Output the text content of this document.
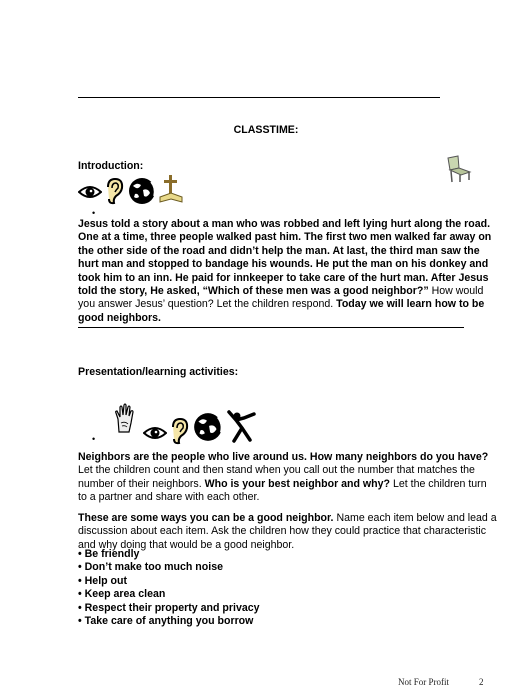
CLASSTIME:
Introduction:
•

Jesus told a story about a man who was robbed and left lying hurt along the road. One at a time, three people walked past him. The first two men walked far away on the other side of the road and didn’t help the man. At last, the third man saw the hurt man and stopped to bandage his wounds. He put the man on his donkey and took him to an inn. He paid for innkeeper to take care of the hurt man. After Jesus told the story, He asked, “Which of these men was a good neighbor?” How would you answer Jesus’ question? Let the children respond. Today we will learn how to be good neighbors.

Presentation/learning activities:
•

Neighbors are the people who live around us. How many neighbors do you have? Let the children count and then stand when you call out the number that matches the number of their neighbors. Who is your best neighbor and why? Let the children turn to a partner and share with each other.

These are some ways you can be a good neighbor. Name each item below and lead a discussion about each item. Ask the children how they could practice that characteristic and why doing that would be a good neighbor.

• Be friendly
• Don’t make too much noise
• Help out
• Keep area clean
• Respect their property and privacy
• Take care of anything you borrow
Not For Profit	2
